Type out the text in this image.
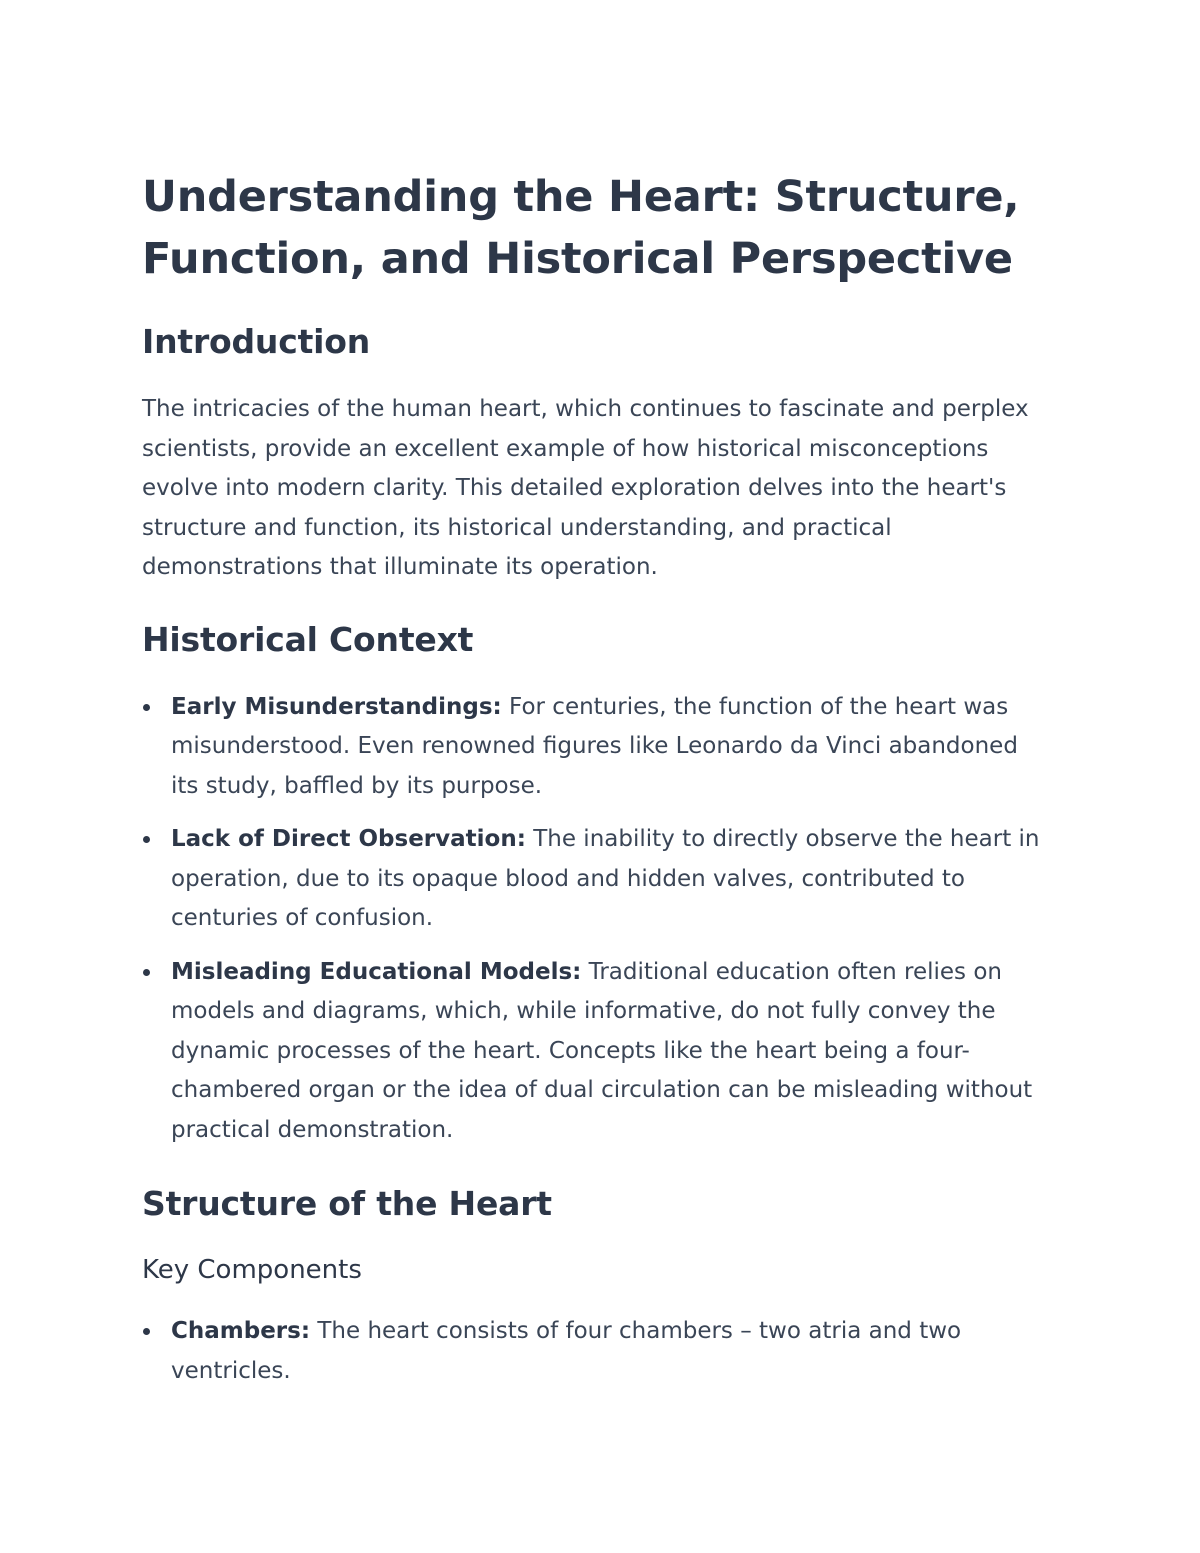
Understanding the Heart: Structure, Function, and Historical Perspective
Introduction

The intricacies of the human heart, which continues to fascinate and perplex scientists, provide an excellent example of how historical misconceptions evolve into modern clarity. This detailed exploration delves into the heart's structure and function, its historical understanding, and practical demonstrations that illuminate its operation.

Historical Context
Early Misunderstandings: For centuries, the function of the heart was misunderstood. Even renowned figures like Leonardo da Vinci abandoned its study, baffled by its purpose.
Lack of Direct Observation: The inability to directly observe the heart in operation, due to its opaque blood and hidden valves, contributed to centuries of confusion.
Misleading Educational Models: Traditional education often relies on models and diagrams, which, while informative, do not fully convey the dynamic processes of the heart. Concepts like the heart being a four-chambered organ or the idea of dual circulation can be misleading without practical demonstration.
Structure of the Heart
Key Components
Chambers: The heart consists of four chambers – two atria and two ventricles.
